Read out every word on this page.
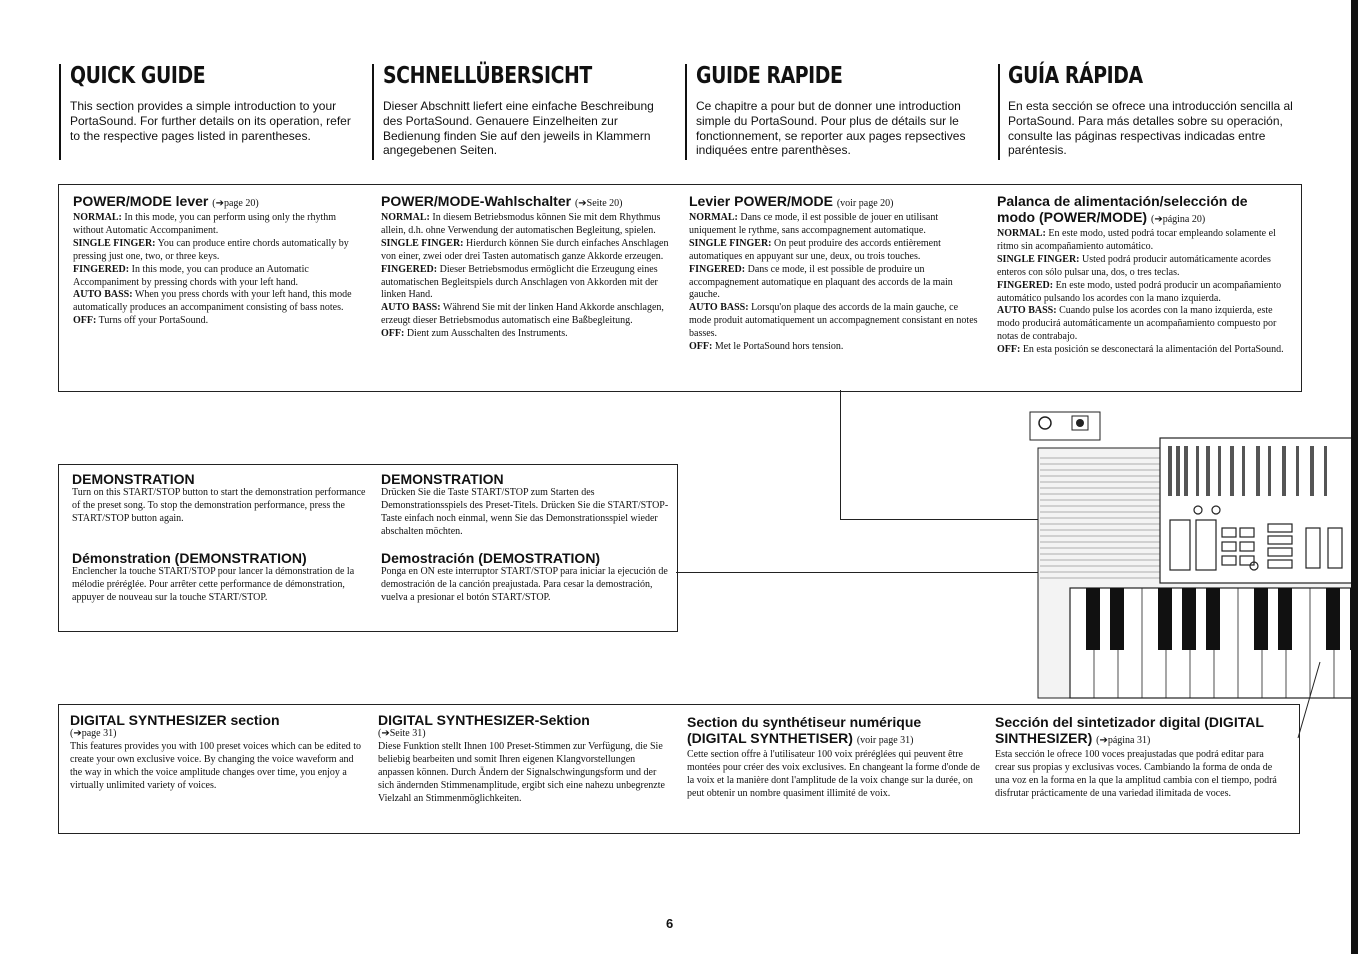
QUICK GUIDE
This section provides a simple introduction to your PortaSound. For further details on its operation, refer to the respective pages listed in parentheses.
SCHNELLÜBERSICHT
Dieser Abschnitt liefert eine einfache Beschreibung des PortaSound. Genauere Einzelheiten zur Bedienung finden Sie auf den jeweils in Klammern angegebenen Seiten.
GUIDE RAPIDE
Ce chapitre a pour but de donner une introduction simple du PortaSound. Pour plus de détails sur le fonctionnement, se reporter aux pages repsectives indiquées entre parenthèses.
GUÍA RÁPIDA
En esta sección se ofrece una introducción sencilla al PortaSound. Para más detalles sobre su operación, consulte las páginas respectivas indicadas entre paréntesis.
POWER/MODE lever (➔page 20)
NORMAL: In this mode, you can perform using only the rhythm without Automatic Accompaniment.
SINGLE FINGER: You can produce entire chords automatically by pressing just one, two, or three keys.
FINGERED: In this mode, you can produce an Automatic Accompaniment by pressing chords with your left hand.
AUTO BASS: When you press chords with your left hand, this mode automatically produces an accompaniment consisting of bass notes.
OFF: Turns off your PortaSound.
POWER/MODE-Wahlschalter (➔Seite 20)
NORMAL: In diesem Betriebsmodus können Sie mit dem Rhythmus allein, d.h. ohne Verwendung der automatischen Begleitung, spielen.
SINGLE FINGER: Hierdurch können Sie durch einfaches Anschlagen von einer, zwei oder drei Tasten automatisch ganze Akkorde erzeugen.
FINGERED: Dieser Betriebsmodus ermöglicht die Erzeugung eines automatischen Begleitspiels durch Anschlagen von Akkorden mit der linken Hand.
AUTO BASS: Während Sie mit der linken Hand Akkorde anschlagen, erzeugt dieser Betriebsmodus automatisch eine Baßbegleitung.
OFF: Dient zum Ausschalten des Instruments.
Levier POWER/MODE (voir page 20)
NORMAL: Dans ce mode, il est possible de jouer en utilisant uniquement le rythme, sans accompagnement automatique.
SINGLE FINGER: On peut produire des accords entièrement automatiques en appuyant sur une, deux, ou trois touches.
FINGERED: Dans ce mode, il est possible de produire un accompagnement automatique en plaquant des accords de la main gauche.
AUTO BASS: Lorsqu'on plaque des accords de la main gauche, ce mode produit automatiquement un accompagnement consistant en notes basses.
OFF: Met le PortaSound hors tension.
Palanca de alimentación/selección de modo (POWER/MODE) (➔página 20)
NORMAL: En este modo, usted podrá tocar empleando solamente el ritmo sin acompañamiento automático.
SINGLE FINGER: Usted podrá producir automáticamente acordes enteros con sólo pulsar una, dos, o tres teclas.
FINGERED: En este modo, usted podrá producir un acompañamiento automático pulsando los acordes con la mano izquierda.
AUTO BASS: Cuando pulse los acordes con la mano izquierda, este modo producirá automáticamente un acompañamiento compuesto por notas de contrabajo.
OFF: En esta posición se desconectará la alimentación del PortaSound.
DEMONSTRATION
Turn on this START/STOP button to start the demonstration performance of the preset song. To stop the demonstration performance, press the START/STOP button again.
DEMONSTRATION
Drücken Sie die Taste START/STOP zum Starten des Demonstrationsspiels des Preset-Titels. Drücken Sie die START/STOP-Taste einfach noch einmal, wenn Sie das Demonstrationsspiel wieder abschalten möchten.
Démonstration (DEMONSTRATION)
Enclencher la touche START/STOP pour lancer la démonstration de la mélodie préréglée. Pour arrêter cette performance de démonstration, appuyer de nouveau sur la touche START/STOP.
Demostración (DEMOSTRATION)
Ponga en ON este interruptor START/STOP para iniciar la ejecución de demostración de la canción preajustada. Para cesar la demostración, vuelva a presionar el botón START/STOP.
DIGITAL SYNTHESIZER section
(➔page 31)
This features provides you with 100 preset voices which can be edited to create your own exclusive voice. By changing the voice waveform and the way in which the voice amplitude changes over time, you enjoy a virtually unlimited variety of voices.
DIGITAL SYNTHESIZER-Sektion
(➔Seite 31)
Diese Funktion stellt Ihnen 100 Preset-Stimmen zur Verfügung, die Sie beliebig bearbeiten und somit Ihren eigenen Klangvorstellungen anpassen können. Durch Ändern der Signalschwingungsform und der sich ändernden Stimmenamplitude, ergibt sich eine nahezu unbegrenzte Vielzahl an Stimmenmöglichkeiten.
Section du synthétiseur numérique (DIGITAL SYNTHETISER) (voir page 31)
Cette section offre à l'utilisateur 100 voix préréglées qui peuvent être montées pour créer des voix exclusives. En changeant la forme d'onde de la voix et la manière dont l'amplitude de la voix change sur la durée, on peut obtenir un nombre quasiment illimité de voix.
Sección del sintetizador digital (DIGITAL SINTHESIZER) (➔página 31)
Esta sección le ofrece 100 voces preajustadas que podrá editar para crear sus propias y exclusivas voces. Cambiando la forma de onda de una voz en la forma en la que la amplitud cambia con el tiempo, podrá disfrutar prácticamente de una variedad ilimitada de voces.
6
